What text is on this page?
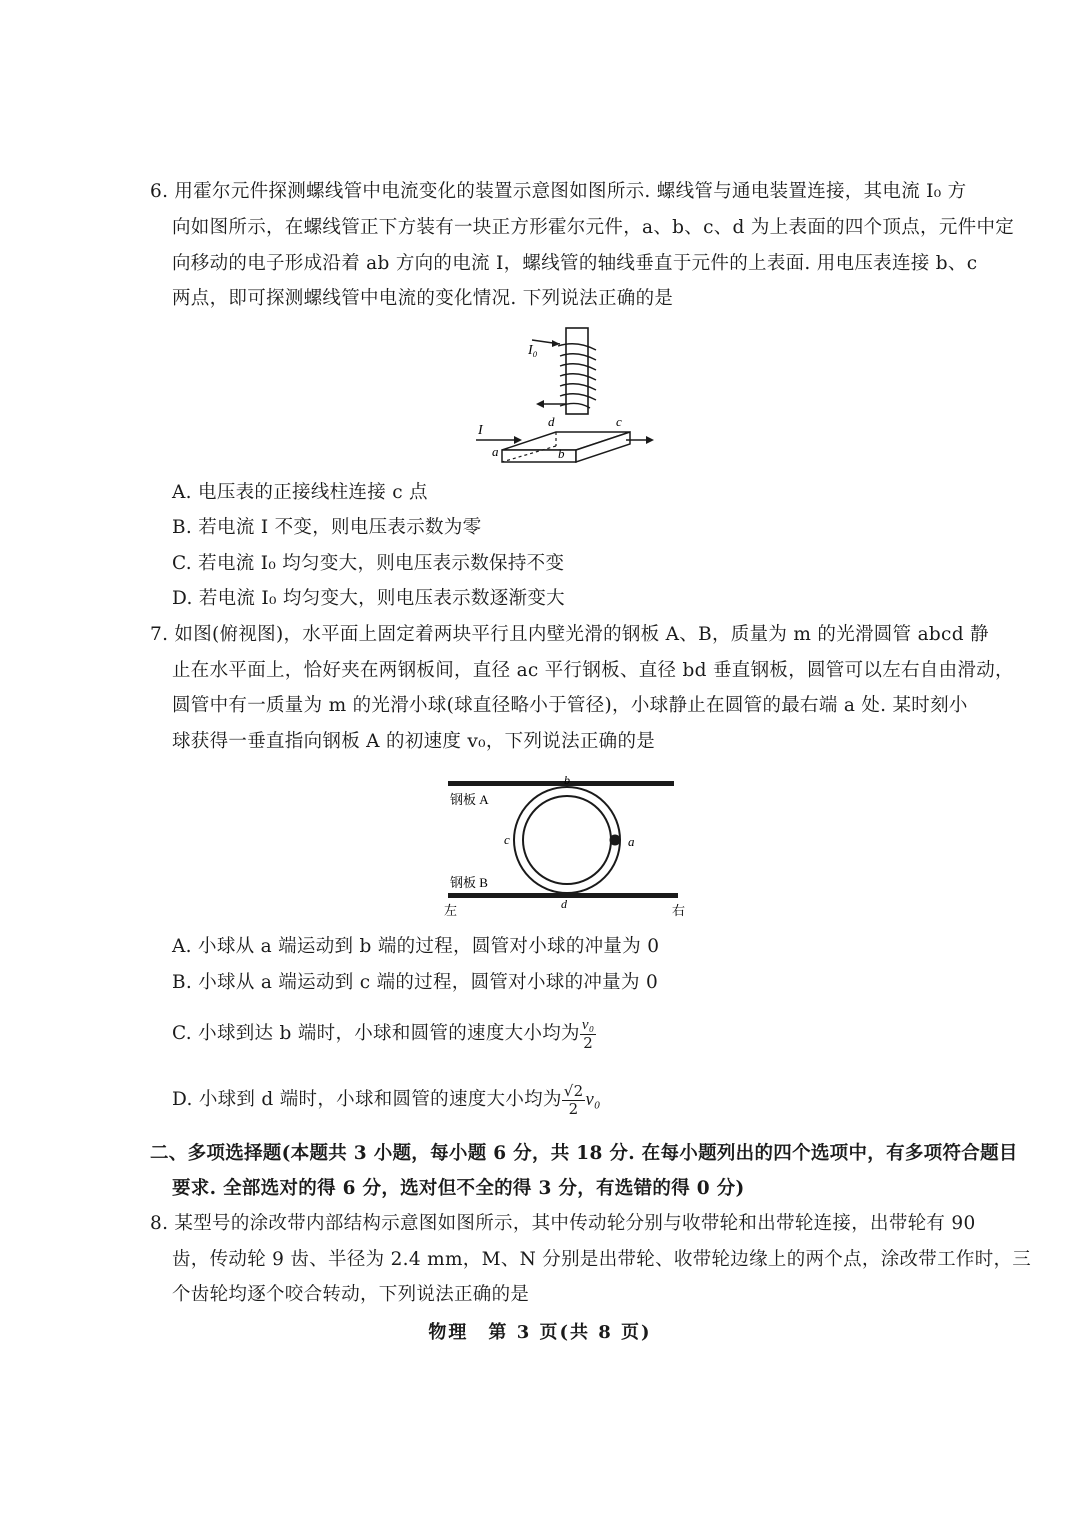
6. 用霍尔元件探测螺线管中电流变化的装置示意图如图所示. 螺线管与通电装置连接，其电流 I₀ 方
向如图所示，在螺线管正下方装有一块正方形霍尔元件，a、b、c、d 为上表面的四个顶点，元件中定
向移动的电子形成沿着 ab 方向的电流 I，螺线管的轴线垂直于元件的上表面. 用电压表连接 b、c
两点，即可探测螺线管中电流的变化情况. 下列说法正确的是
I₀
I
a	b
c
d
A. 电压表的正接线柱连接 c 点
B. 若电流 I 不变，则电压表示数为零
C. 若电流 I₀ 均匀变大，则电压表示数保持不变
D. 若电流 I₀ 均匀变大，则电压表示数逐渐变大
7. 如图(俯视图)，水平面上固定着两块平行且内壁光滑的钢板 A、B，质量为 m 的光滑圆管 abcd 静
止在水平面上，恰好夹在两钢板间，直径 ac 平行钢板、直径 bd 垂直钢板，圆管可以左右自由滑动，
圆管中有一质量为 m 的光滑小球(球直径略小于管径)，小球静止在圆管的最右端 a 处. 某时刻小
球获得一垂直指向钢板 A 的初速度 v₀，下列说法正确的是
钢板 A
钢板 B
c	a
b
d
左	右
A. 小球从 a 端运动到 b 端的过程，圆管对小球的冲量为 0
B. 小球从 a 端运动到 c 端的过程，圆管对小球的冲量为 0
C. 小球到达 b 端时，小球和圆管的速度大小均为 $\frac{\text{v₀}}{2}$
D. 小球到 d 端时，小球和圆管的速度大小均为 $\frac{√2}{2} v_0$
二、多项选择题(本题共 3 小题，每小题 6 分，共 18 分. 在每小题列出的四个选项中，有多项符合题目
要求. 全部选对的得 6 分，选对但不全的得 3 分，有选错的得 0 分)
8. 某型号的涂改带内部结构示意图如图所示，其中传动轮分别与收带轮和出带轮连接，出带轮有 90
齿，传动轮 9 齿、半径为 2.4 mm，M、N 分别是出带轮、收带轮边缘上的两个点，涂改带工作时，三
个齿轮均逐个咬合转动，下列说法正确的是
物理　第 3 页(共 8 页)
